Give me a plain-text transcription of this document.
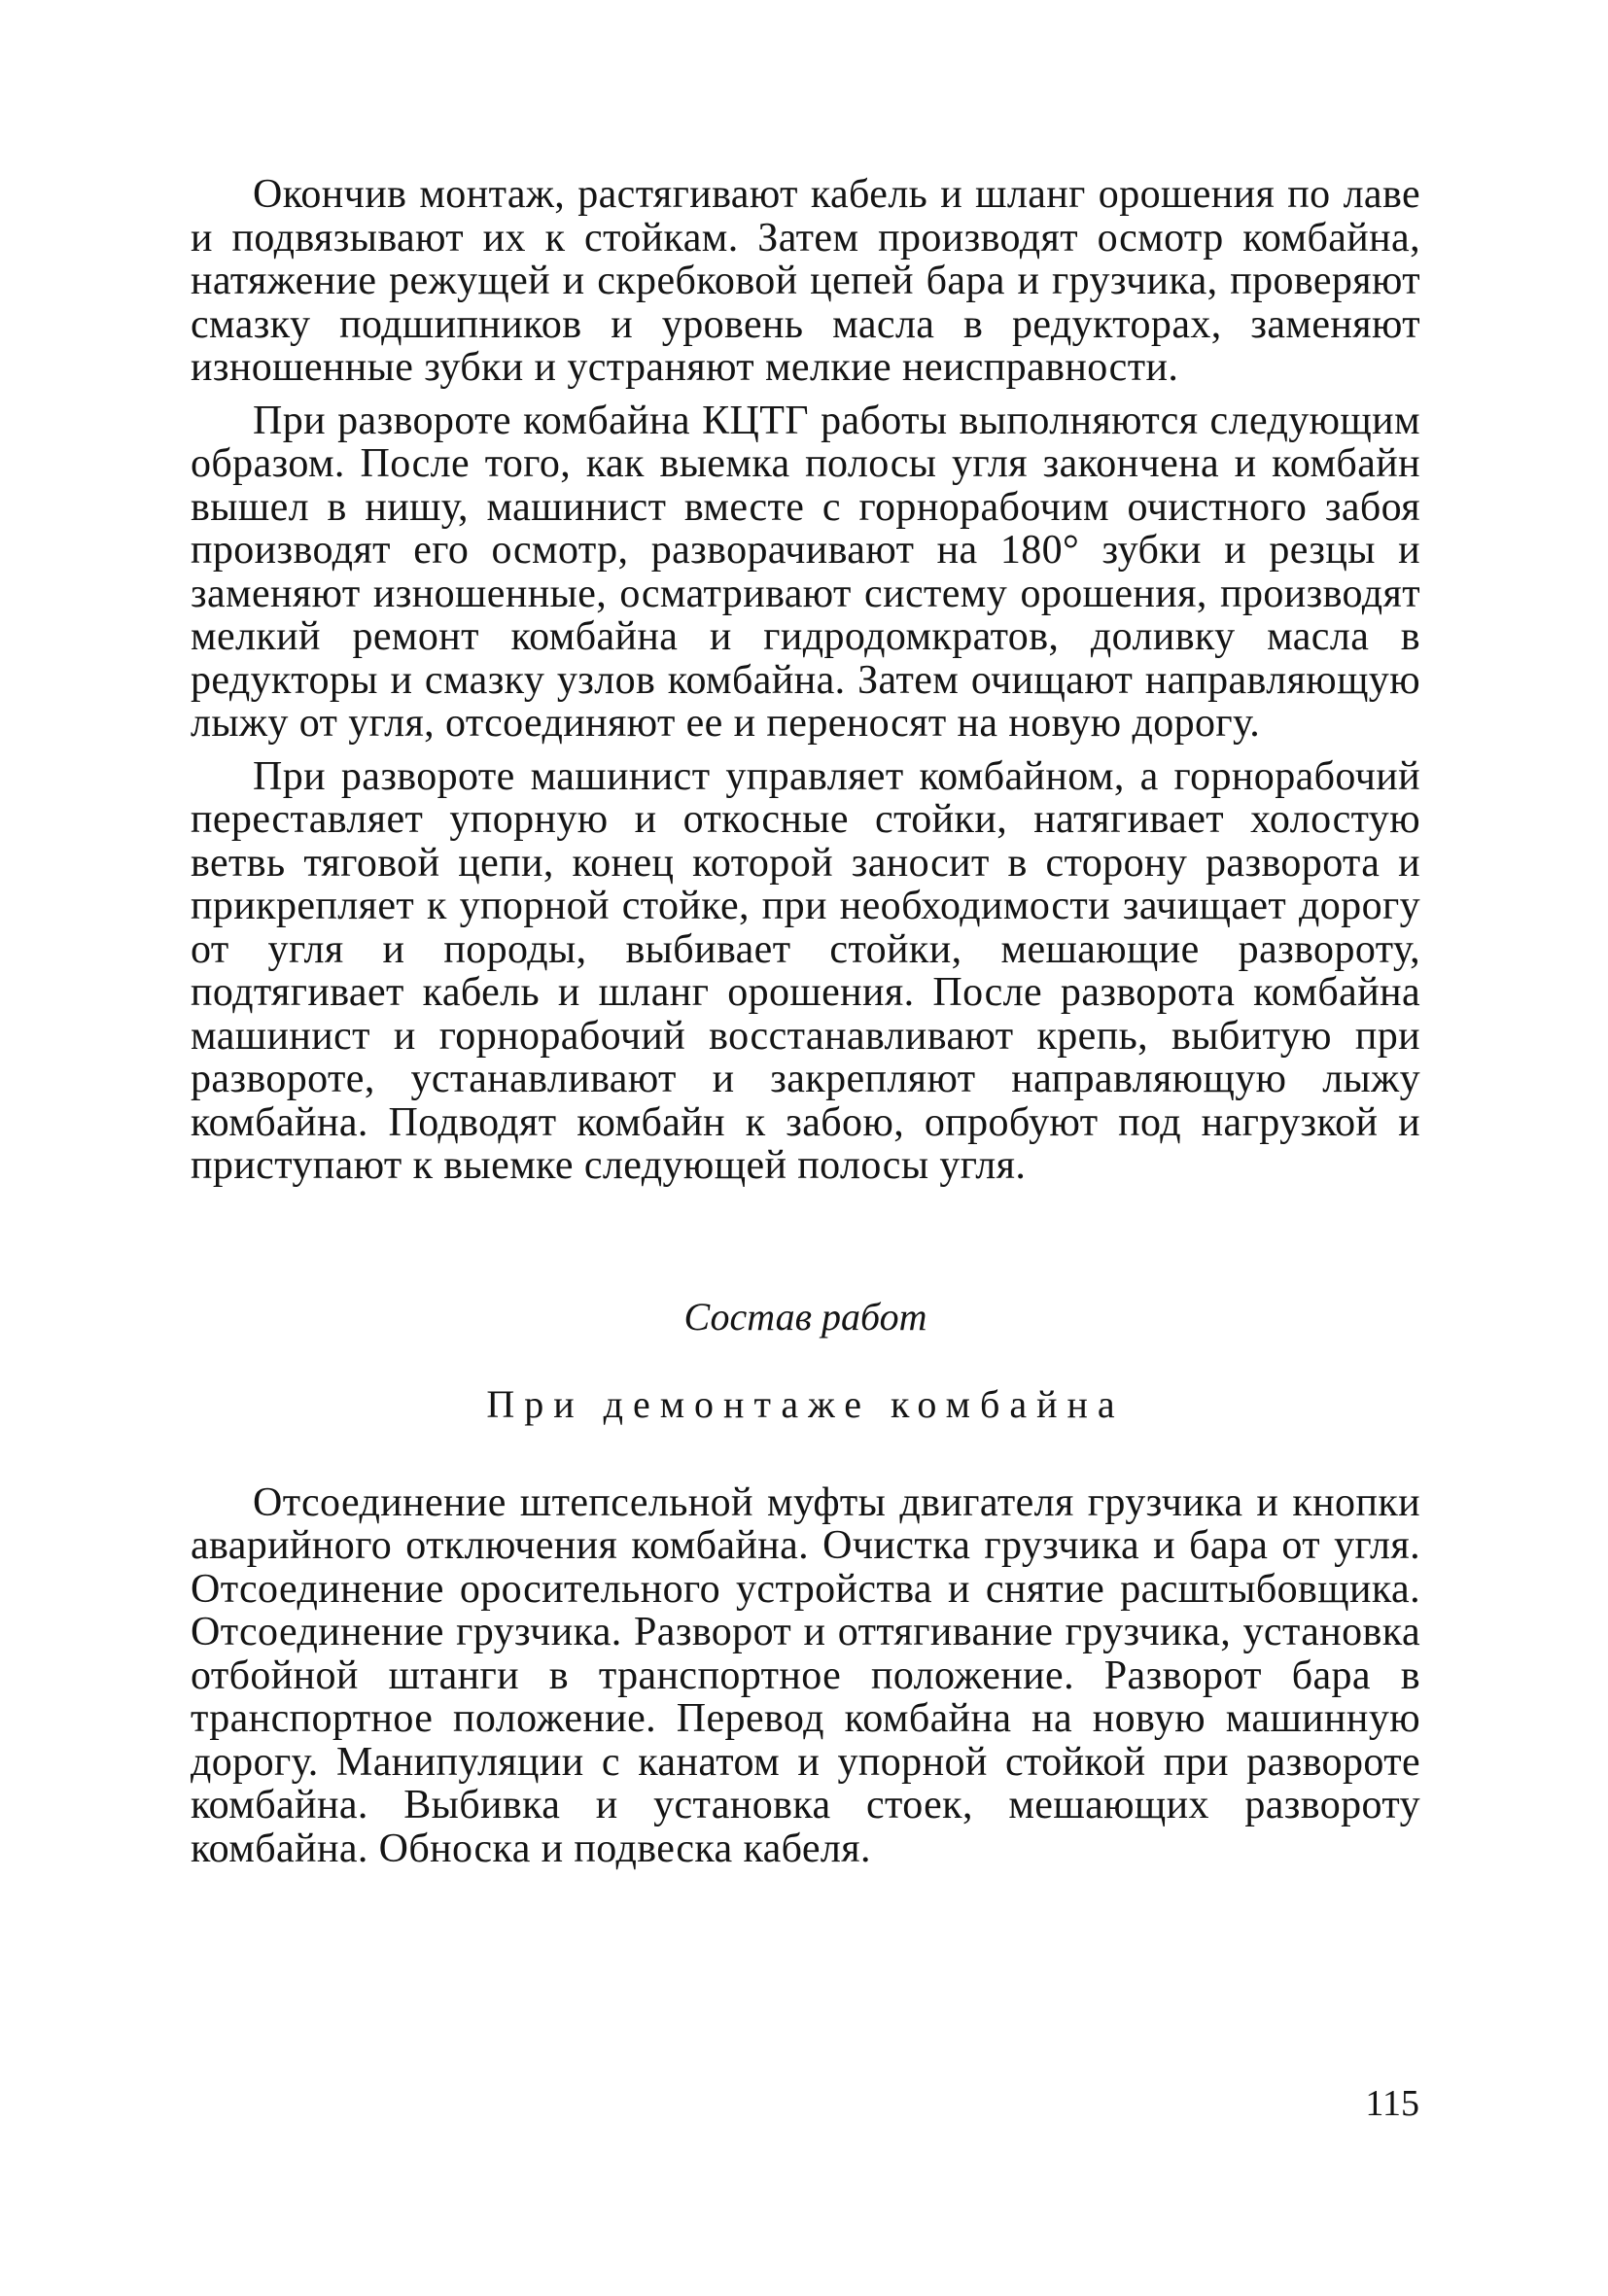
Окончив монтаж, растягивают кабель и шланг орошения по лаве и подвязывают их к стойкам. Затем производят осмотр комбайна, натяжение режущей и скребковой цепей бара и грузчика, проверяют смазку подшипников и уровень масла в редукторах, заменяют изношенные зубки и устраняют мелкие неисправности.

При развороте комбайна КЦТГ работы выполняются следующим образом. После того, как выемка полосы угля закончена и комбайн вышел в нишу, машинист вместе с горнорабочим очистного забоя производят его осмотр, разворачивают на 180° зубки и резцы и заменяют изношенные, осматривают систему орошения, производят мелкий ремонт комбайна и гидродомкратов, доливку масла в редукторы и смазку узлов комбайна. Затем очищают направляющую лыжу от угля, отсоединяют ее и переносят на новую дорогу.

При развороте машинист управляет комбайном, а горнорабочий переставляет упорную и откосные стойки, натягивает холостую ветвь тяговой цепи, конец которой заносит в сторону разворота и прикрепляет к упорной стойке, при необходимости зачищает дорогу от угля и породы, выбивает стойки, мешающие развороту, подтягивает кабель и шланг орошения. После разворота комбайна машинист и горнорабочий восстанавливают крепь, выбитую при развороте, устанавливают и закрепляют направляющую лыжу комбайна. Подводят комбайн к забою, опробуют под нагрузкой и приступают к выемке следующей полосы угля.

Состав работ
При демонтаже комбайна

Отсоединение штепсельной муфты двигателя грузчика и кнопки аварийного отключения комбайна. Очистка грузчика и бара от угля. Отсоединение оросительного устройства и снятие расштыбовщика. Отсоединение грузчика. Разворот и оттягивание грузчика, установка отбойной штанги в транспортное положение. Разворот бара в транспортное положение. Перевод комбайна на новую машинную дорогу. Манипуляции с канатом и упорной стойкой при развороте комбайна. Выбивка и установка стоек, мешающих развороту комбайна. Обноска и подвеска кабеля.

115
